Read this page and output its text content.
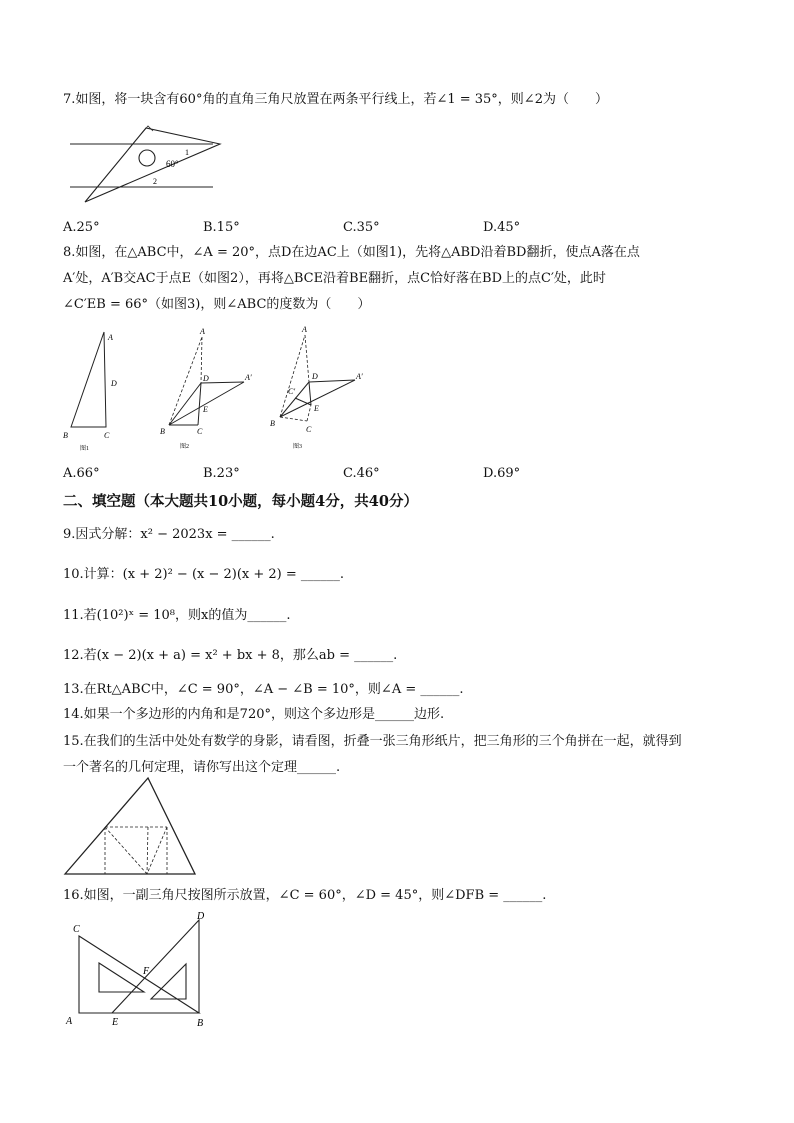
7.如图，将一块含有60°角的直角三角尺放置在两条平行线上，若∠1 = 35°，则∠2为（　　）
60°
1
2
A.25°	B.15°	C.35°	D.45°
8.如图，在△ABC中，∠A = 20°，点D在边AC上（如图1)，先将△ABD沿着BD翻折，使点A落在点
A′处，A′B交AC于点E（如图2），再将△BCE沿着BE翻折，点C恰好落在BD上的点C′处，此时
∠C′EB = 66°（如图3)，则∠ABC的度数为（　　）
A
D
B	C
图1
A
D	A′
E
B	C
图2
A
D	A′
C′
E
B
C
图3
A.66°	B.23°	C.46°	D.69°
二、填空题（本大题共10小题，每小题4分，共40分）
9.因式分解：x² − 2023x = ______.
10.计算：(x + 2)² − (x − 2)(x + 2) = ______.
11.若(10²)ˣ = 10⁸，则x的值为______.
12.若(x − 2)(x + a) = x² + bx + 8，那么ab = ______.
13.在Rt△ABC中，∠C = 90°，∠A − ∠B = 10°，则∠A = ______.
14.如果一个多边形的内角和是720°，则这个多边形是______边形.
15.在我们的生活中处处有数学的身影，请看图，折叠一张三角形纸片，把三角形的三个角拼在一起，就得到
一个著名的几何定理，请你写出这个定理______.
16.如图，一副三角尺按图所示放置，∠C = 60°，∠D = 45°，则∠DFB = ______.
C
D
F
A	E	B
